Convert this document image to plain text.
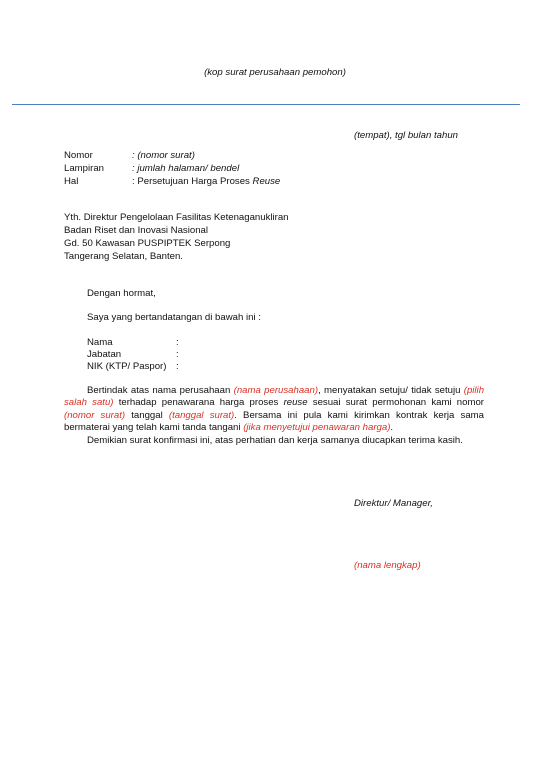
(kop surat perusahaan pemohon)
(tempat), tgl bulan tahun
Nomor	: (nomor surat)
Lampiran	: jumlah halaman/ bendel
Hal	: Persetujuan Harga Proses Reuse
Yth. Direktur Pengelolaan Fasilitas Ketenaganukliran
Badan Riset dan Inovasi Nasional
Gd. 50 Kawasan PUSPIPTEK Serpong
Tangerang Selatan, Banten.
Dengan hormat,
Saya yang bertandatangan di bawah ini :
Nama	:
Jabatan	:
NIK (KTP/ Paspor) :
Bertindak atas nama perusahaan (nama perusahaan), menyatakan setuju/ tidak setuju (pilih salah satu) terhadap penawarana harga proses reuse sesuai surat permohonan kami nomor (nomor surat) tanggal (tanggal surat). Bersama ini pula kami kirimkan kontrak kerja sama bermaterai yang telah kami tanda tangani (jika menyetujui penawaran harga).
Demikian surat konfirmasi ini, atas perhatian dan kerja samanya diucapkan terima kasih.
Direktur/ Manager,
(nama lengkap)
